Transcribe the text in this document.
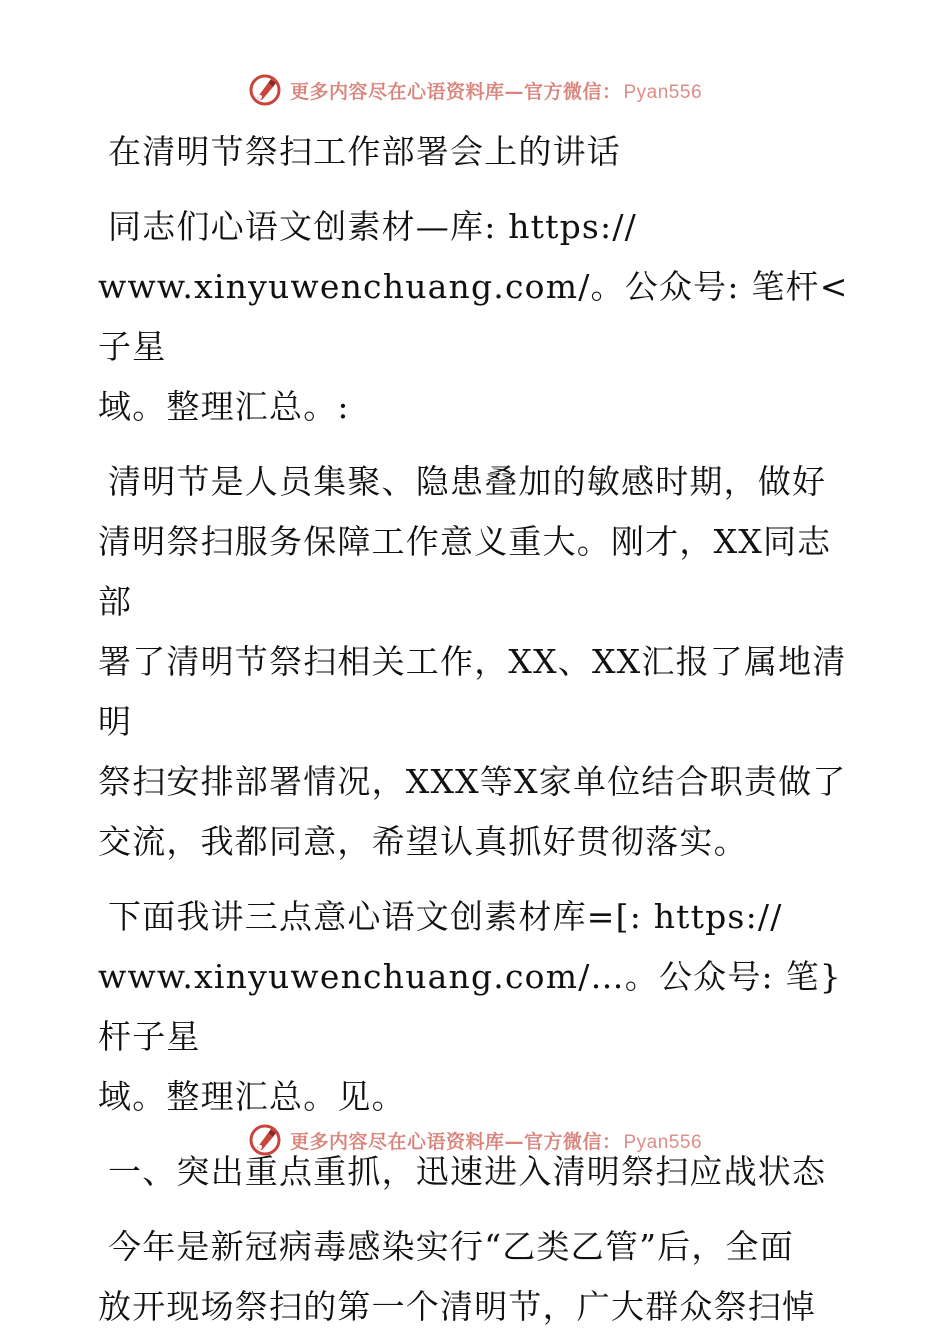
更多内容尽在心语资料库—官方微信： Pyan556

在清明节祭扫工作部署会上的讲话

同志们心语文创素材—库: https://
www.xinyuwenchuang.com/。公众号: 笔杆<子星
域。整理汇总。:

清明节是人员集聚、隐患叠加的敏感时期，做好
清明祭扫服务保障工作意义重大。刚才，XX同志部
署了清明节祭扫相关工作，XX、XX汇报了属地清明
祭扫安排部署情况，XXX等X家单位结合职责做了
交流，我都同意，希望认真抓好贯彻落实。

下面我讲三点意心语文创素材库=[: https://
www.xinyuwenchuang.com/…。公众号: 笔}杆子星
域。整理汇总。见。

一、突出重点重抓，迅速进入清明祭扫应战状态

今年是新冠病毒感染实行“乙类乙管”后，全面
放开现场祭扫的第一个清明节，广大群众祭扫悼

更多内容尽在心语资料库—官方微信： Pyan556
